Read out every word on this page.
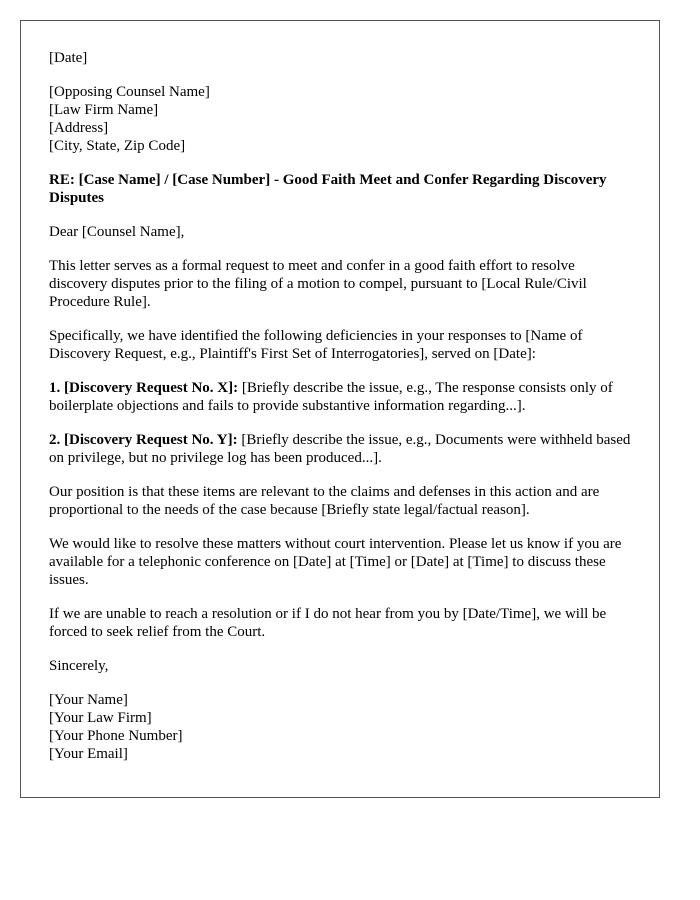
[Date]

[Opposing Counsel Name]
[Law Firm Name]
[Address]
[City, State, Zip Code]

RE: [Case Name] / [Case Number] - Good Faith Meet and Confer Regarding Discovery Disputes

Dear [Counsel Name],

This letter serves as a formal request to meet and confer in a good faith effort to resolve discovery disputes prior to the filing of a motion to compel, pursuant to [Local Rule/Civil Procedure Rule].

Specifically, we have identified the following deficiencies in your responses to [Name of Discovery Request, e.g., Plaintiff's First Set of Interrogatories], served on [Date]:

1. [Discovery Request No. X]: [Briefly describe the issue, e.g., The response consists only of boilerplate objections and fails to provide substantive information regarding...].

2. [Discovery Request No. Y]: [Briefly describe the issue, e.g., Documents were withheld based on privilege, but no privilege log has been produced...].

Our position is that these items are relevant to the claims and defenses in this action and are proportional to the needs of the case because [Briefly state legal/factual reason].

We would like to resolve these matters without court intervention. Please let us know if you are available for a telephonic conference on [Date] at [Time] or [Date] at [Time] to discuss these issues.

If we are unable to reach a resolution or if I do not hear from you by [Date/Time], we will be forced to seek relief from the Court.

Sincerely,

[Your Name]
[Your Law Firm]
[Your Phone Number]
[Your Email]
